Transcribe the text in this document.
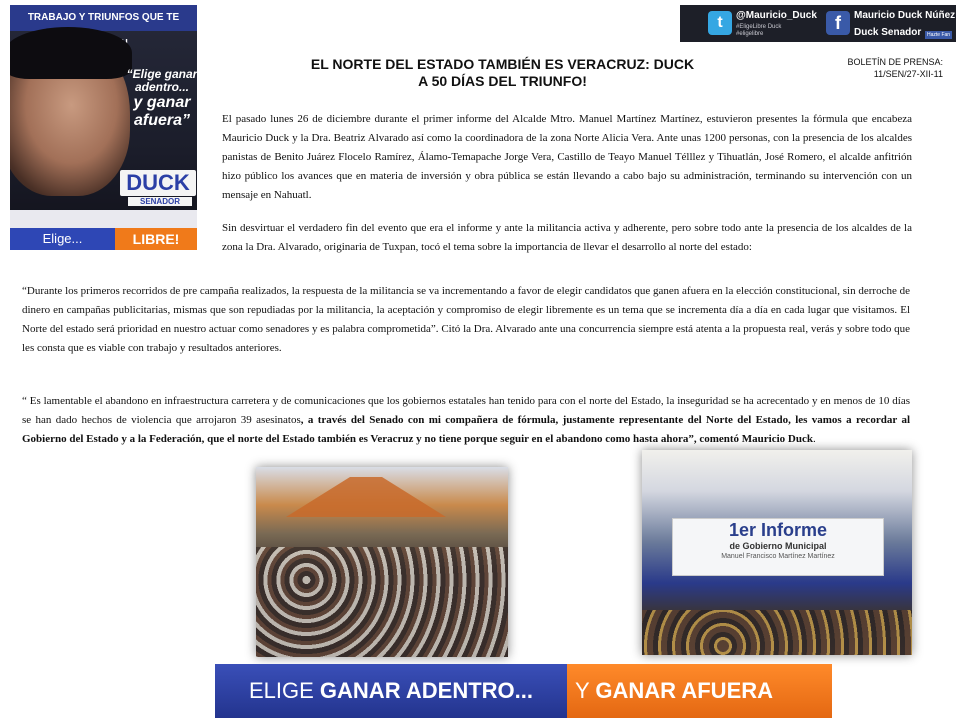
TRABAJO Y TRIUNFOS QUE TE
“Elige ganar
adentro...
y ganar
afuera”
DUCK
SENADOR
Elige...	LIBRE!
t	@Mauricio_Duck
#EligeLibre Duck
#eligelibre
f	Mauricio Duck Núñez
Duck Senador	Hazte Fan
EL NORTE DEL ESTADO TAMBIÉN ES VERACRUZ: DUCK
A 50 DÍAS DEL TRIUNFO!
BOLETÍN DE PRENSA:
11/SEN/27-XII-11
El pasado lunes 26 de diciembre durante el primer informe del Alcalde Mtro. Manuel Martínez Martínez, estuvieron presentes la fórmula que encabeza Mauricio Duck y la Dra. Beatriz Alvarado así como la coordinadora de la zona Norte Alicia Vera. Ante unas 1200 personas, con la presencia de los alcaldes panistas de Benito Juárez Flocelo Ramírez, Álamo-Temapache Jorge Vera, Castillo de Teayo Manuel Télllez y Tihuatlán, José Romero, el alcalde anfitrión hizo público los avances que en materia de inversión y obra pública se están llevando a cabo bajo su administración, terminando su intervención con un mensaje en Nahuatl.
Sin desvirtuar el verdadero fin del evento que era el informe y ante la militancia activa y adherente, pero sobre todo ante la presencia de los alcaldes de la zona la Dra. Alvarado, originaria de Tuxpan, tocó el tema sobre la importancia de llevar el desarrollo al norte del estado:
“Durante los primeros recorridos de pre campaña realizados, la respuesta de la militancia se va incrementando a favor de elegir candidatos que ganen afuera en la elección constitucional, sin derroche de dinero en campañas publicitarias, mismas que son repudiadas por la militancia, la aceptación y compromiso de elegir libremente es un tema que se incrementa día a día en cada lugar que visitamos. El Norte del estado será prioridad en nuestro actuar como senadores y es palabra comprometida”. Citó la Dra. Alvarado ante una concurrencia siempre está atenta a la propuesta real, verás y sobre todo que les consta que es viable con trabajo y resultados anteriores.
“ Es lamentable el abandono en infraestructura carretera y de comunicaciones que los gobiernos estatales han tenido para con el norte del Estado, la inseguridad se ha acrecentado y en menos de 10 días se han dado hechos de violencia que arrojaron 39 asesinatos, a través del Senado con mi compañera de fórmula, justamente representante del Norte del Estado, les vamos a recordar al Gobierno del Estado y a la Federación, que el norte del Estado también es Veracruz y no tiene porque seguir en el abandono como hasta ahora”, comentó Mauricio Duck.
1er Informe
de Gobierno Municipal
Manuel Francisco Martínez Martínez
ELIGE GANAR ADENTRO...	Y GANAR AFUERA
